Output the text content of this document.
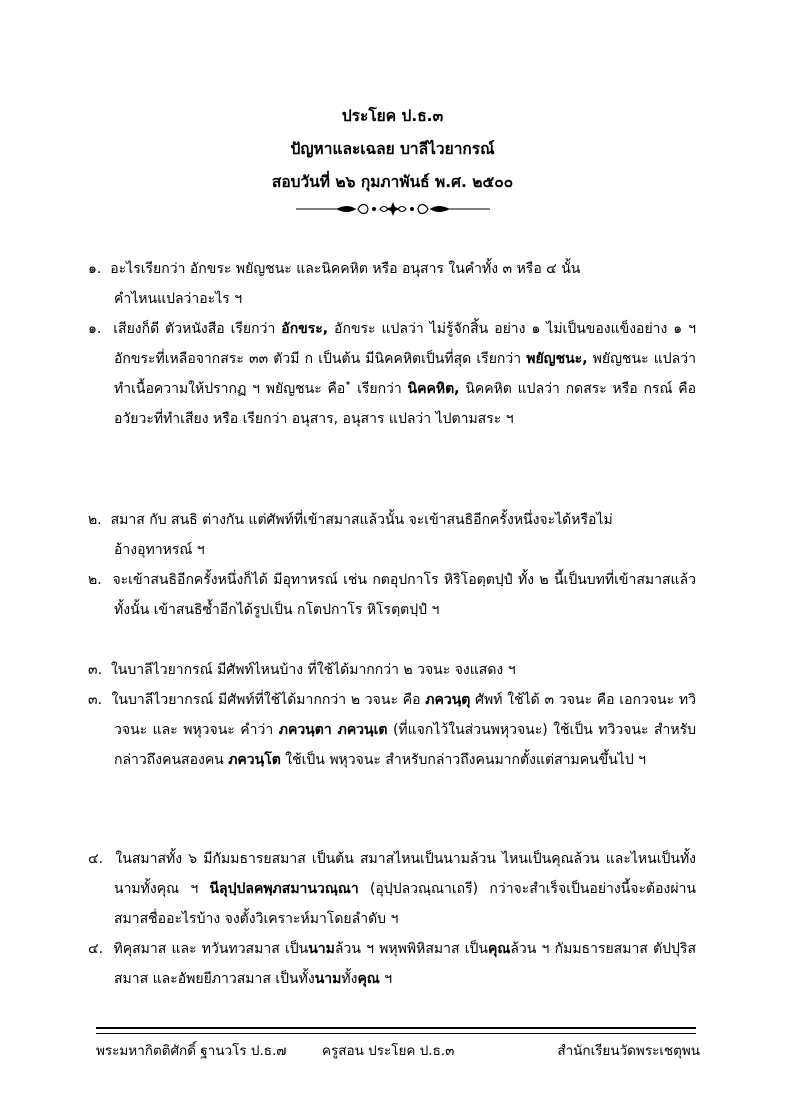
ประโยค ป.ธ.๓
ปัญหาและเฉลย บาลีไวยากรณ์
สอบวันที่ ๒๖ กุมภาพันธ์ พ.ศ. ๒๕๐๐

๑. อะไรเรียกว่า อักขระ พยัญชนะ และนิคคหิต หรือ อนุสาร ในคำทั้ง ๓ หรือ ๔ นั้น
คำไหนแปลว่าอะไร ฯ

๑. เสียงก็ดี ตัวหนังสือ เรียกว่า อักขระ, อักขระ แปลว่า ไม่รู้จักสิ้น อย่าง ๑ ไม่เป็นของแข็งอย่าง ๑ ฯ อักขระที่เหลือจากสระ ๓๓ ตัวมี ก เป็นต้น มีนิคคหิตเป็นที่สุด เรียกว่า พยัญชนะ, พยัญชนะ แปลว่า ทำเนื้อความให้ปรากฏ ฯ พยัญชนะ คือ ํ เรียกว่า นิคคหิต, นิคคหิต แปลว่า กดสระ หรือ กรณ์ คือ อวัยวะที่ทำเสียง หรือ เรียกว่า อนุสาร, อนุสาร แปลว่า ไปตามสระ ฯ

๒. สมาส กับ สนธิ ต่างกัน แต่ศัพท์ที่เข้าสมาสแล้วนั้น จะเข้าสนธิอีกครั้งหนึ่งจะได้หรือไม่
อ้างอุทาหรณ์ ฯ

๒. จะเข้าสนธิอีกครั้งหนึ่งก็ได้ มีอุทาหรณ์ เช่น กตอุปกาโร หิริโอตฺตปฺปํ ทั้ง ๒ นี้เป็นบทที่เข้าสมาสแล้วทั้งนั้น เข้าสนธิซ้ำอีกได้รูปเป็น กโตปกาโร หิโรตฺตปฺปํ ฯ

๓. ในบาลีไวยากรณ์ มีศัพท์ไหนบ้าง ที่ใช้ได้มากกว่า ๒ วจนะ จงแสดง ฯ

๓. ในบาลีไวยากรณ์ มีศัพท์ที่ใช้ได้มากกว่า ๒ วจนะ คือ ภควนฺตุ ศัพท์ ใช้ได้ ๓ วจนะ คือ เอกวจนะ ทวิวจนะ และ พหุวจนะ คำว่า ภควนฺตา ภควนฺเต (ที่แจกไว้ในส่วนพหุวจนะ) ใช้เป็น ทวิวจนะ สำหรับกล่าวถึงคนสองคน ภควนฺโต ใช้เป็น พหุวจนะ สำหรับกล่าวถึงคนมากตั้งแต่สามคนขึ้นไป ฯ

๔. ในสมาสทั้ง ๖ มีกัมมธารยสมาส เป็นต้น สมาสไหนเป็นนามล้วน ไหนเป็นคุณล้วน และไหนเป็นทั้งนามทั้งคุณ ฯ นีลุปฺปลคพฺภสมานวณฺณา (อุปฺปลวณฺณาเถรี) กว่าจะสำเร็จเป็นอย่างนี้จะต้องผ่านสมาสชื่ออะไรบ้าง จงตั้งวิเคราะห์มาโดยลำดับ ฯ

๔. ทิคุสมาส และ ทวันทวสมาส เป็นนามล้วน ฯ พหุพพิหิสมาส เป็นคุณล้วน ฯ กัมมธารยสมาส ตัปปุริสสมาส และอัพยยีภาวสมาส เป็นทั้งนามทั้งคุณ ฯ

พระมหากิตติศักดิ์ ฐานวโร ป.ธ.๗	ครูสอน ประโยค ป.ธ.๓	สำนักเรียนวัดพระเชตุพน
